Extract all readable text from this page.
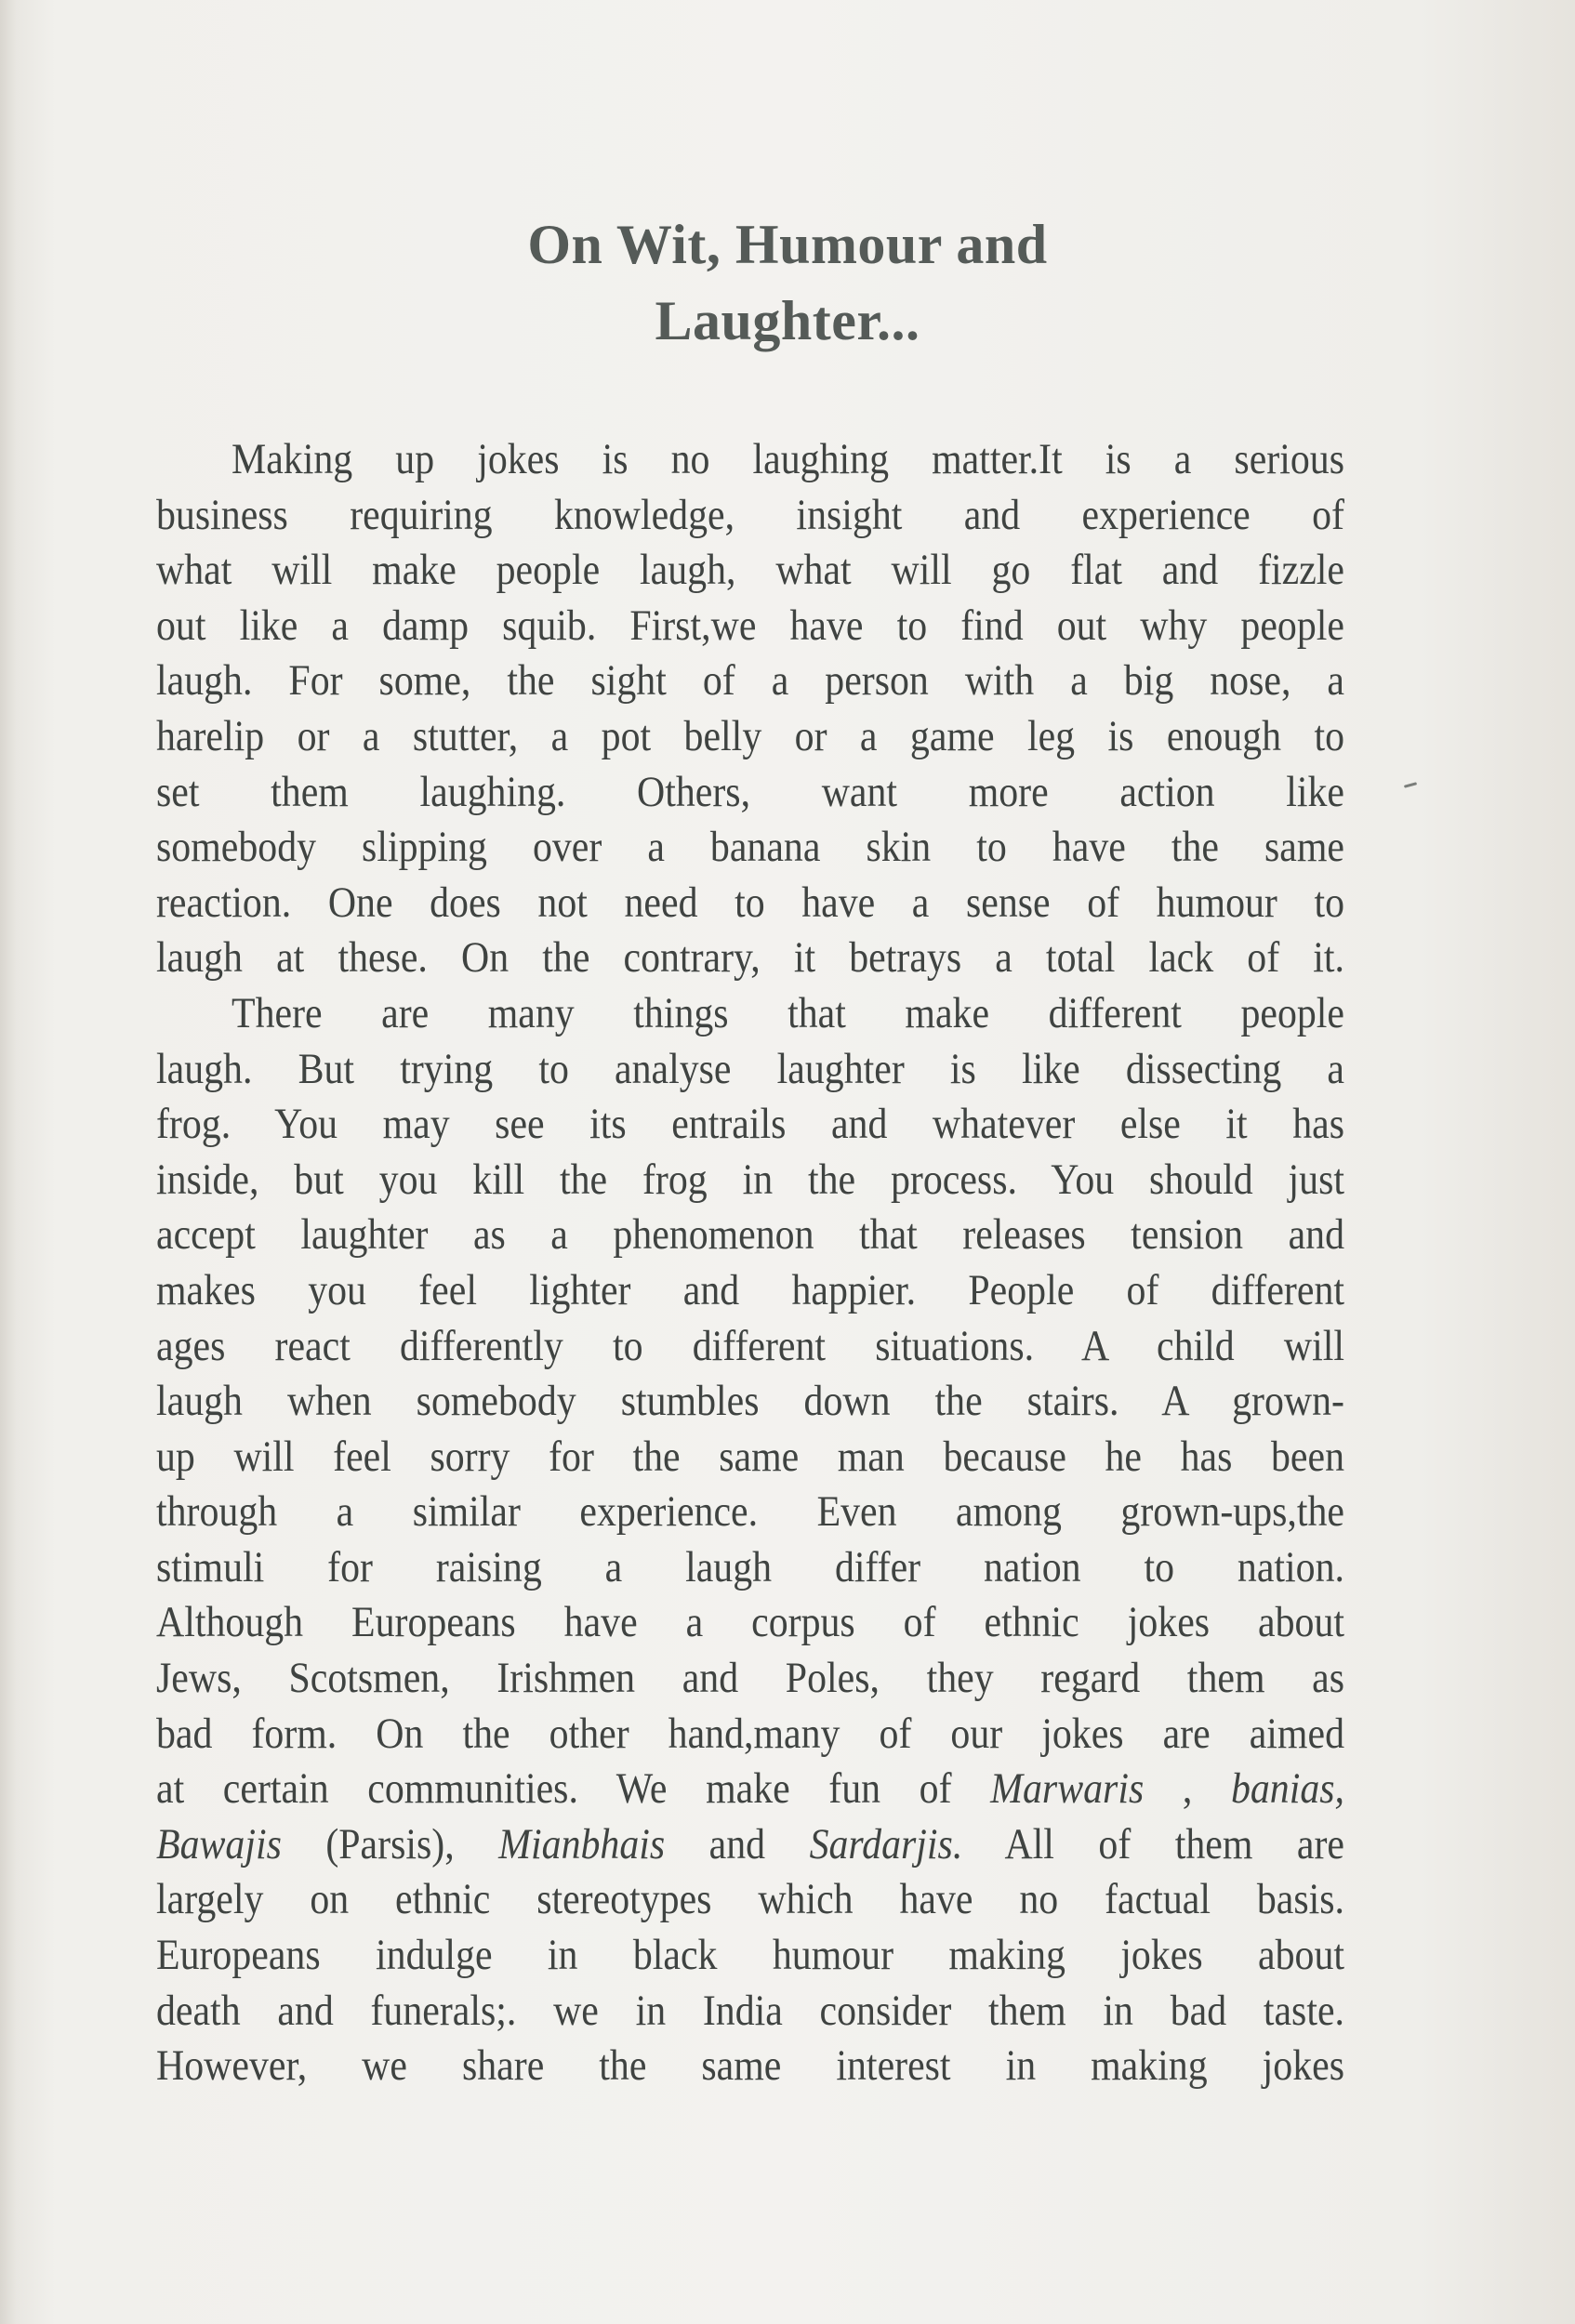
On Wit, Humour and
Laughter...
Making up jokes is no laughing matter.It is a serious
business requiring knowledge, insight and experience of
what will make people laugh, what will go flat and fizzle
out like a damp squib. First,we have to find out why people
laugh. For some, the sight of a person with a big nose, a
harelip or a stutter, a pot belly or a game leg is enough to
set them laughing. Others, want more action like
somebody slipping over a banana skin to have the same
reaction. One does not need to have a sense of humour to
laugh at these. On the contrary, it betrays a total lack of it.
There are many things that make different people
laugh. But trying to analyse laughter is like dissecting a
frog. You may see its entrails and whatever else it has
inside, but you kill the frog in the process. You should just
accept laughter as a phenomenon that releases tension and
makes you feel lighter and happier. People of different
ages react differently to different situations. A child will
laugh when somebody stumbles down the stairs. A grown-
up will feel sorry for the same man because he has been
through a similar experience. Even among grown-ups,the
stimuli for raising a laugh differ nation to nation.
Although Europeans have a corpus of ethnic jokes about
Jews, Scotsmen, Irishmen and Poles, they regard them as
bad form. On the other hand,many of our jokes are aimed
at certain communities. We make fun of Marwaris , banias,
Bawajis (Parsis), Mianbhais and Sardarjis. All of them are
largely on ethnic stereotypes which have no factual basis.
Europeans indulge in black humour making jokes about
death and funerals;. we in India consider them in bad taste.
However, we share the same interest in making jokes
